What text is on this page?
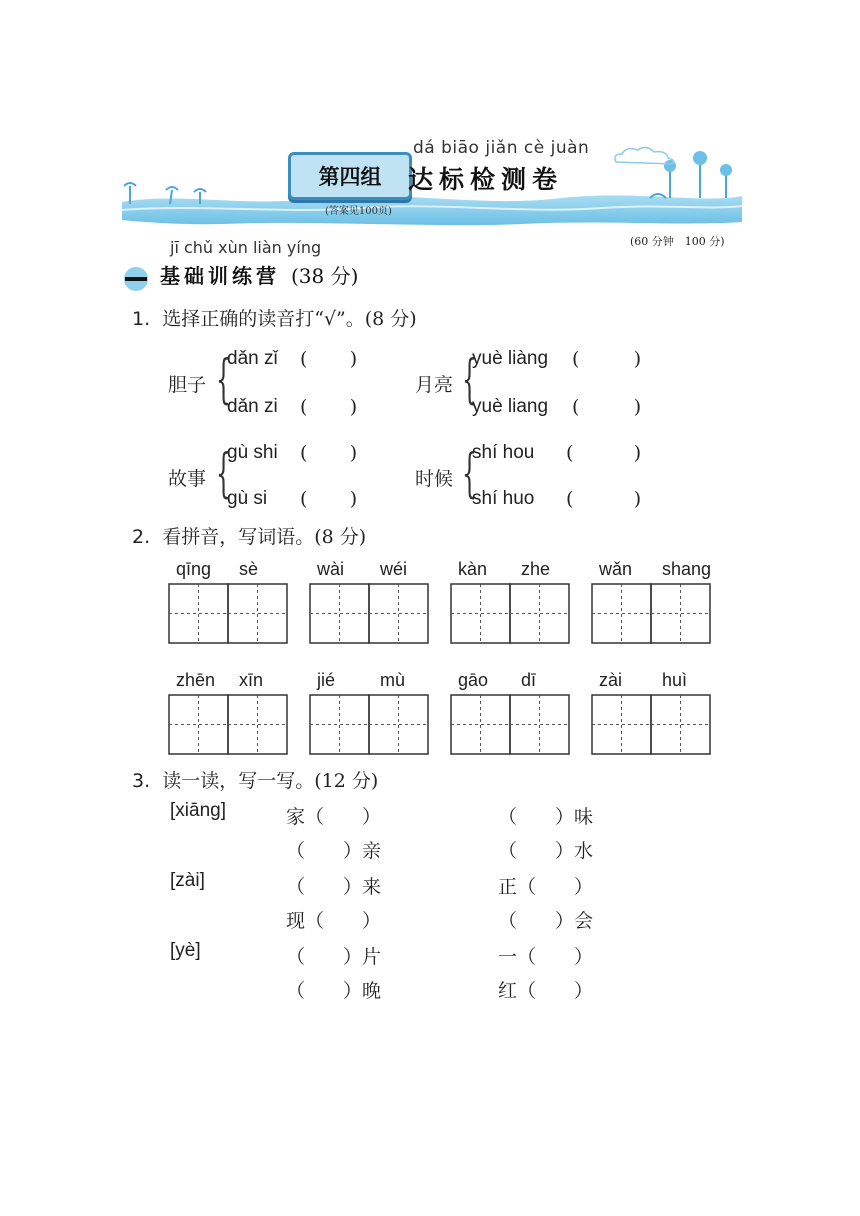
第四组
dá biāo jiǎn cè juàn
达标检测卷
(答案见100页)
(60 分钟　100 分)
jī chǔ xùn liàn yíng
基础训练营 (38 分)
1. 选择正确的读音打“√”。(8 分)
胆子 {
dǎn zǐ (       )
dǎn zi (       )
月亮 {
yuè liàng (         )
yuè liang (         )
故事 {
gù shi (       )
gù si (       )
时候 {
shí hou (          )
shí huo (          )
2. 看拼音，写词语。(8 分)
qīng sè	wài wéi	kàn zhe	wǎn shang
zhēn xīn	jié mù	gāo dī	zài huì
3. 读一读，写一写。(12 分)
[xiāng]	家（　　）	（　　）味
（　　）亲	（　　）水
[zài]	（　　）来	正（　　）
现（　　）	（　　）会
[yè]	（　　）片	一（　　）
（　　）晚	红（　　）
